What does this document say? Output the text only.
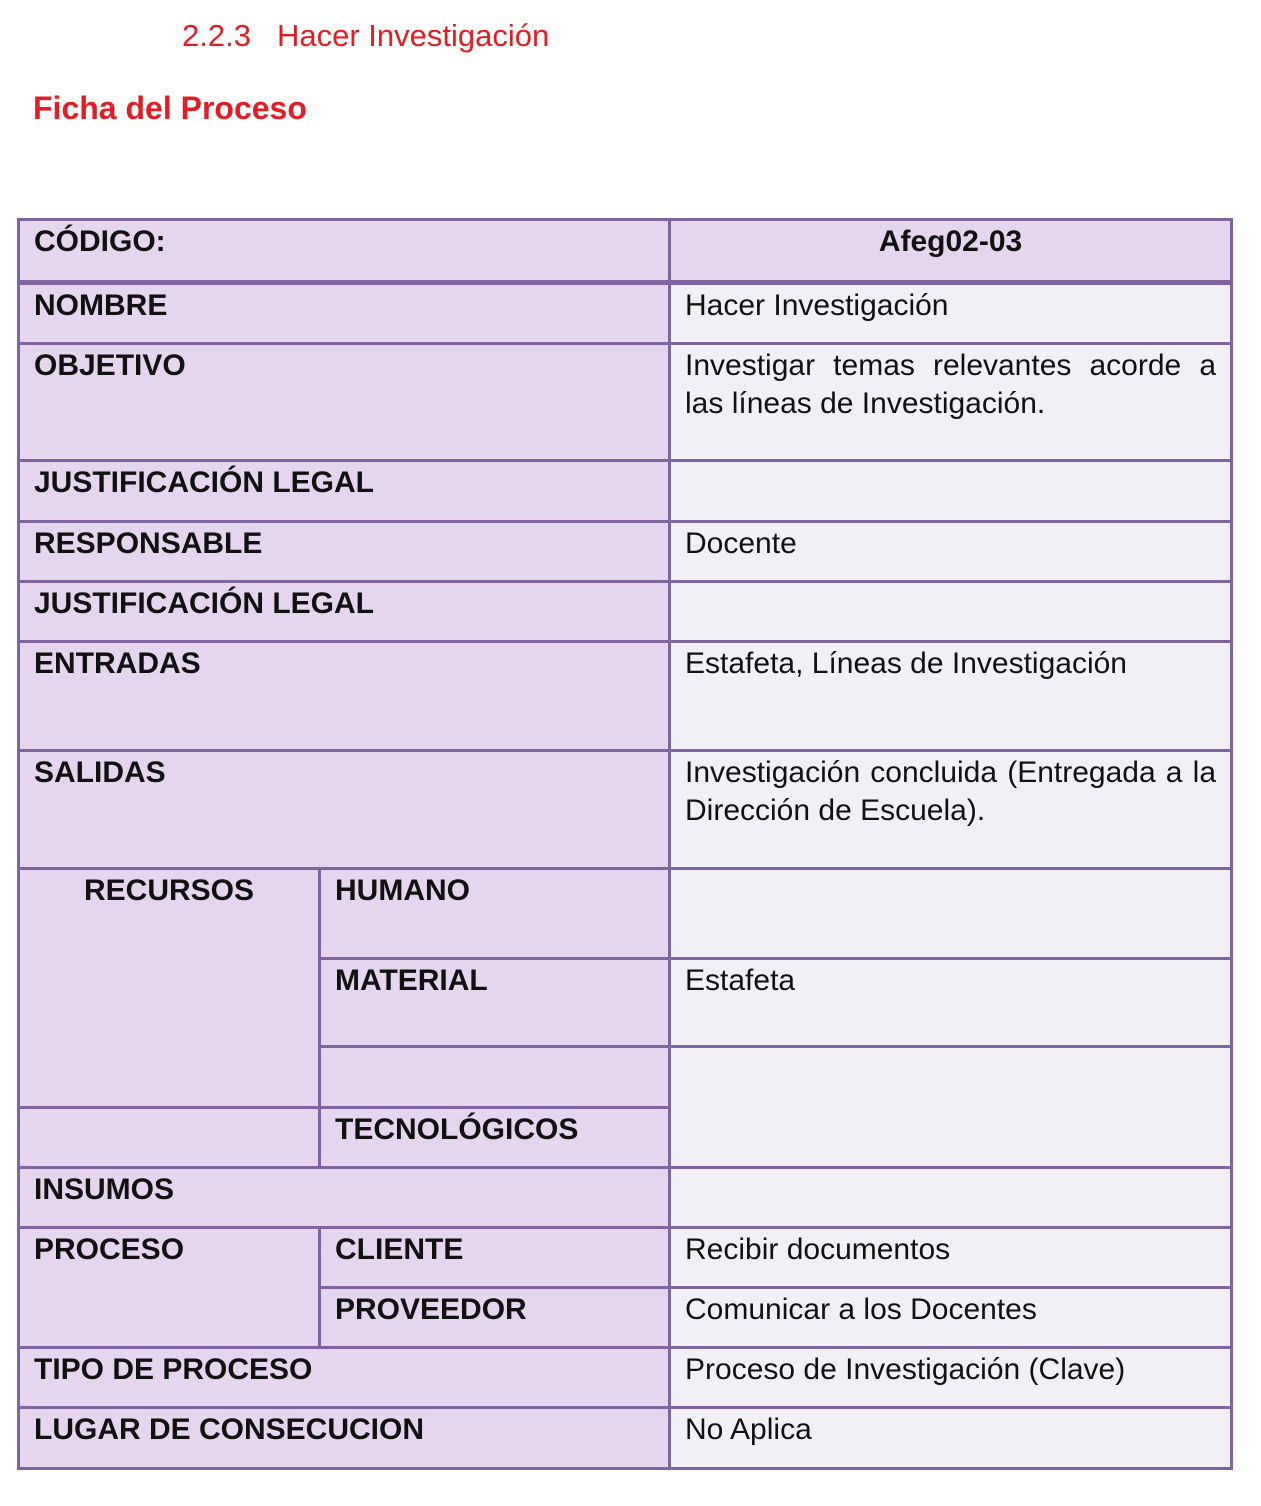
2.2.3 Hacer Investigación
Ficha del Proceso
CÓDIGO:		Afeg02-03
NOMBRE		Hacer Investigación
OBJETIVO		Investigar temas relevantes acorde a las líneas de Investigación.
JUSTIFICACIÓN LEGAL		
RESPONSABLE		Docente
JUSTIFICACIÓN LEGAL		
ENTRADAS		Estafeta, Líneas de Investigación
SALIDAS		Investigación concluida (Entregada a la Dirección de Escuela).
RECURSOS	HUMANO	
	MATERIAL	Estafeta

	TECNOLÓGICOS	
INSUMOS		
PROCESO	CLIENTE	Recibir documentos
	PROVEEDOR	Comunicar a los Docentes
TIPO DE PROCESO		Proceso de Investigación (Clave)
LUGAR DE CONSECUCION		No Aplica
